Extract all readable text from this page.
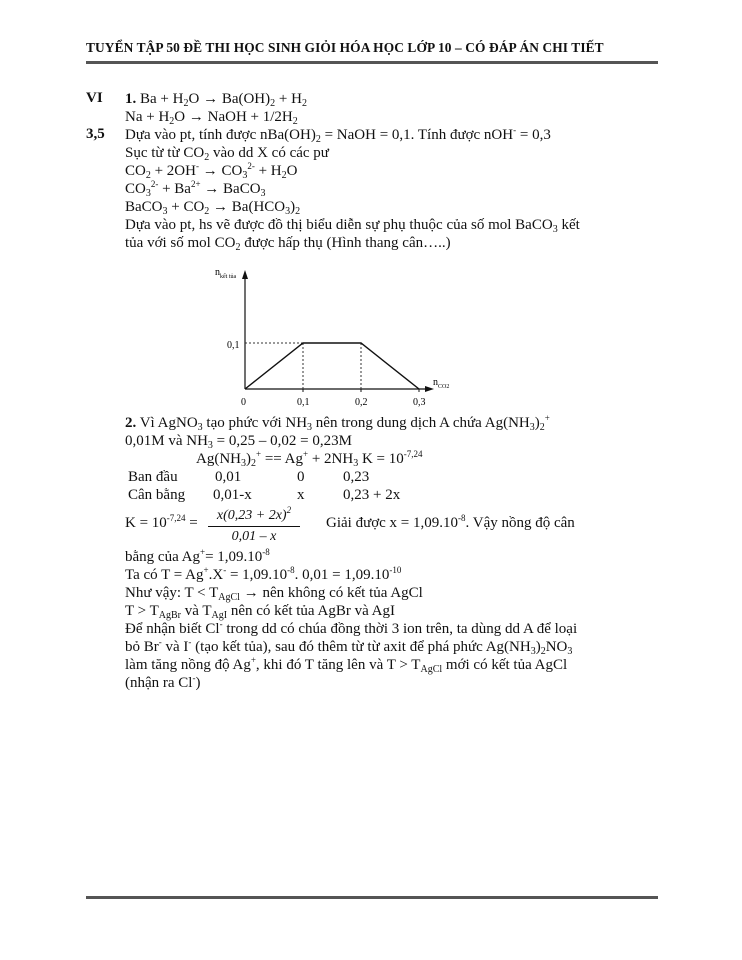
TUYỂN TẬP 50 ĐỀ THI HỌC SINH GIỎI HÓA HỌC LỚP 10 – CÓ ĐÁP ÁN CHI TIẾT
VI
3,5
1. $Ba + H_2O \to Ba(OH)_2 + H_2$
$Na + H_2O$ → NaOH + $1/2H_2$
Dựa vào pt, tính được $nBa(OH)_2$ = NaOH = 0,1. Tính được nOH- = 0,3
Sục từ từ $CO_2$ vào dd X có các pư
$CO_2 + 2OH^- \to CO_3^{2-} + H_2O$
$CO_3^{2-} + Ba^{2+}$ → BaCO$_3$
BaCO$_3$ + $CO_2 \to Ba(HCO_3)_2$
Dựa vào pt, hs vẽ được đồ thị biểu diễn sự phụ thuộc của số mol BaCO$_3$ kết
tủa với số mol $CO_2$ được hấp thụ (Hình thang cân…..)
$n_{kết tủa}$
$n_{CO2}$
0
0,1
0,1	0,2	0,3
2. Vì AgNO$_3$ tạo phức với $NH_3$ nên trong dung dịch A chứa $Ag(NH_3)_2^+$
0,01M và $NH_3 = 0,25 - 0,02 = 0,23M$
$Ag(NH_3)_2^+ == Ag^+ + 2NH_3$ $K = 10^{-7,24}$
Ban đầu 0,01	0	0,23
Cân bằng 0,01-x	x	0,23 + 2x
$K = 10^{-7,24} = \frac{x(0,23 + 2x)^2}{0,01 - x}$ Giải được $x = 1,09.10^{-8}$. Vậy nồng độ cân
bằng của $Ag^+= 1,09.10^{-8}$
Ta có $T = Ag^+.X^- = 1,09.10^{-8}$. $0,01 = 1,09.10^{-10}$
Như vậy: $T < T_{AgCl}$ → nên không có kết tủa AgCl
$T > T_{AgBr}$ và $T_{AgI}$ nên có kết tủa AgBr và AgI
Để nhận biết Cl- trong dd có chúa đồng thời 3 ion trên, ta dùng dd A để loại
bỏ Br- và I- (tạo kết tủa), sau đó thêm từ từ axit để phá phức $Ag(NH_3)_2NO_3$
làm tăng nồng độ Ag+, khi đó T tăng lên và $T > T_{AgCl}$ mới có kết tủa AgCl
(nhận ra Cl-)
